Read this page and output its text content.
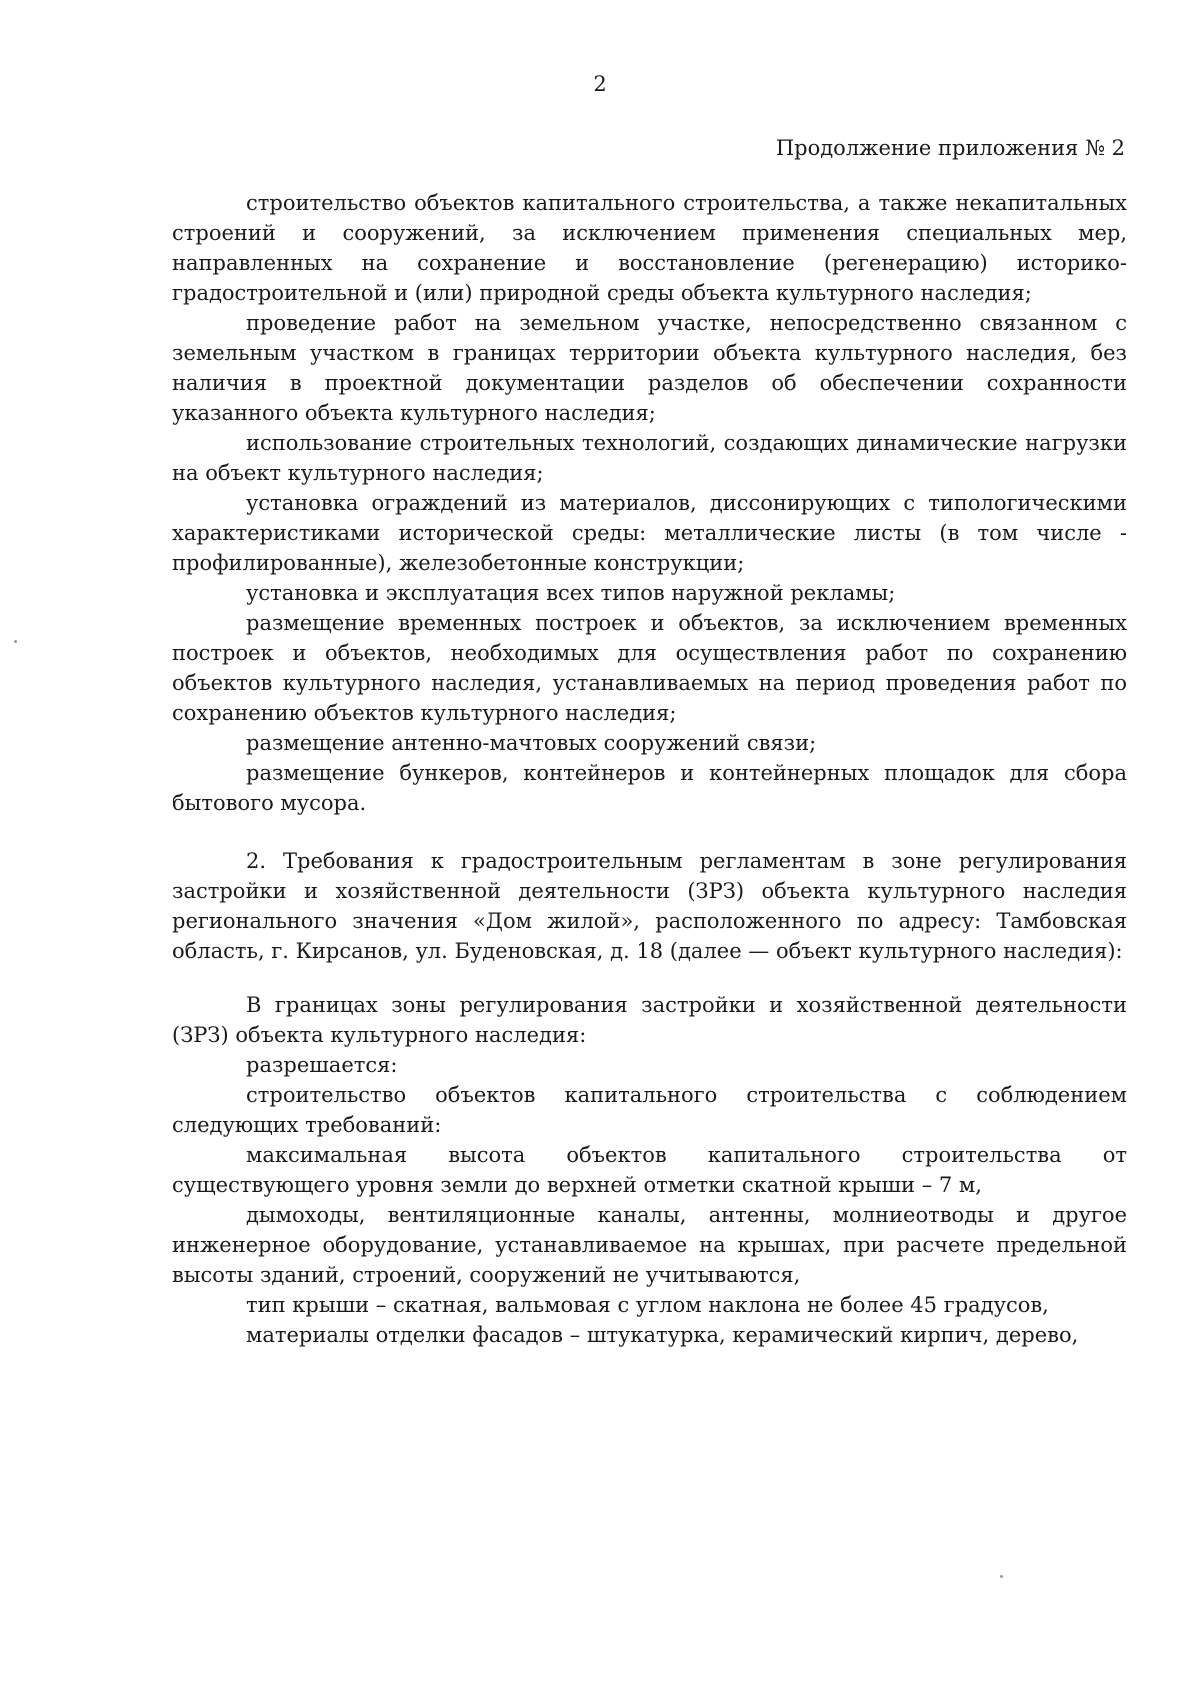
2
Продолжение приложения № 2

строительство объектов капитального строительства, а также некапитальных строений и сооружений, за исключением применения специальных мер, направленных на сохранение и восстановление (регенерацию) историко-градостроительной и (или) природной среды объекта культурного наследия;

проведение работ на земельном участке, непосредственно связанном с земельным участком в границах территории объекта культурного наследия, без наличия в проектной документации разделов об обеспечении сохранности указанного объекта культурного наследия;

использование строительных технологий, создающих динамические нагрузки на объект культурного наследия;

установка ограждений из материалов, диссонирующих с типологическими характеристиками исторической среды: металлические листы (в том числе - профилированные), железобетонные конструкции;

установка и эксплуатация всех типов наружной рекламы;

размещение временных построек и объектов, за исключением временных построек и объектов, необходимых для осуществления работ по сохранению объектов культурного наследия, устанавливаемых на период проведения работ по сохранению объектов культурного наследия;

размещение антенно-мачтовых сооружений связи;

размещение бункеров, контейнеров и контейнерных площадок для сбора бытового мусора.

2. Требования к градостроительным регламентам в зоне регулирования застройки и хозяйственной деятельности (ЗРЗ) объекта культурного наследия регионального значения «Дом жилой», расположенного по адресу: Тамбовская область, г. Кирсанов, ул. Буденовская, д. 18 (далее — объект культурного наследия):

В границах зоны регулирования застройки и хозяйственной деятельности (ЗРЗ) объекта культурного наследия:

разрешается:

строительство объектов капитального строительства с соблюдением следующих требований:

максимальная высота объектов капитального строительства от существующего уровня земли до верхней отметки скатной крыши – 7 м,

дымоходы, вентиляционные каналы, антенны, молниеотводы и другое инженерное оборудование, устанавливаемое на крышах, при расчете предельной высоты зданий, строений, сооружений не учитываются,

тип крыши – скатная, вальмовая с углом наклона не более 45 градусов,

материалы отделки фасадов – штукатурка, керамический кирпич, дерево,
